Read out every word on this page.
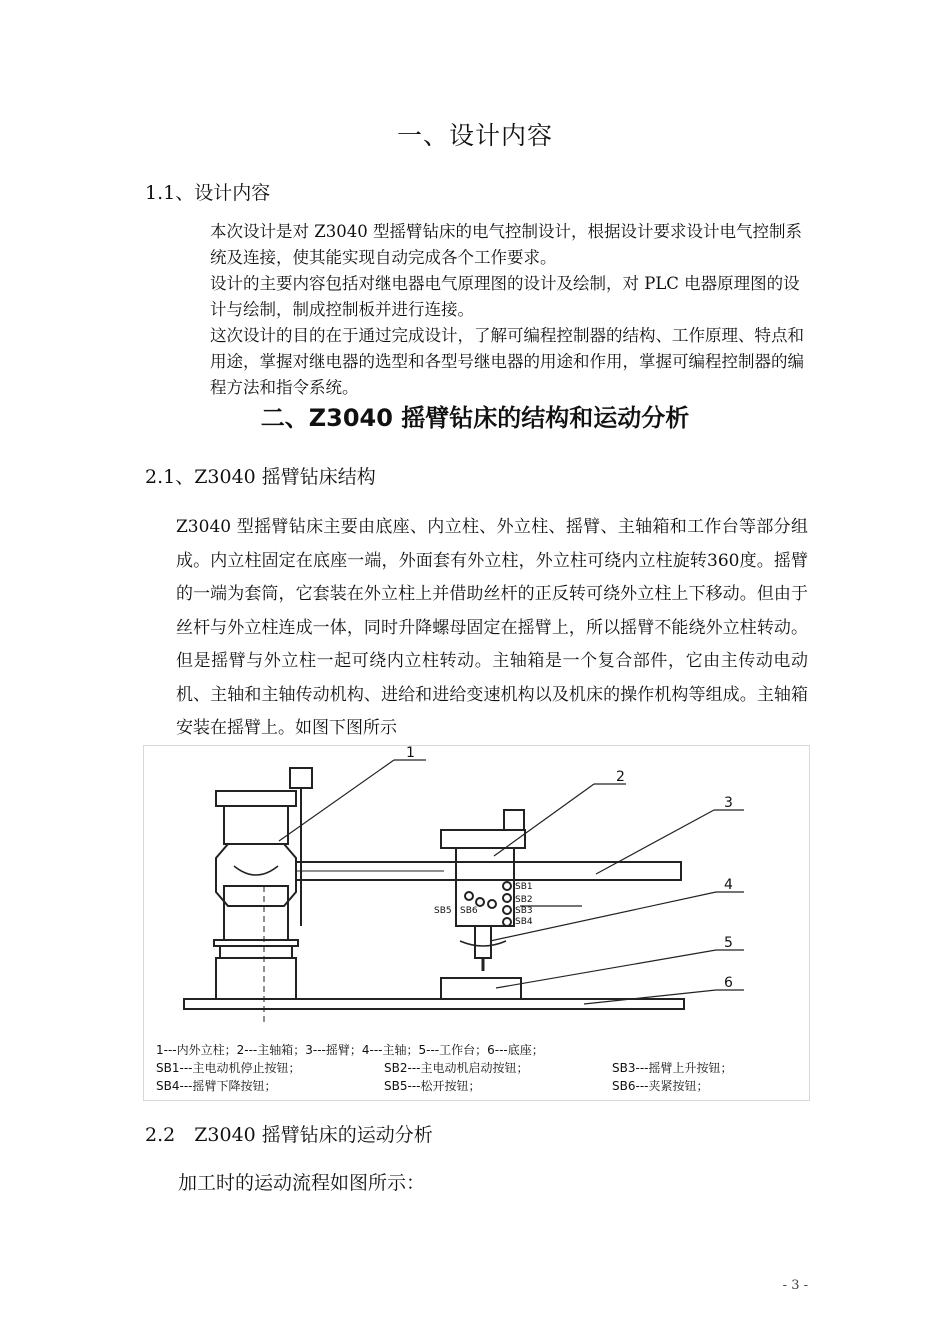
一、设计内容
1.1、设计内容
本次设计是对 Z3040 型摇臂钻床的电气控制设计，根据设计要求设计电气控制系统及连接，使其能实现自动完成各个工作要求。
设计的主要内容包括对继电器电气原理图的设计及绘制，对 PLC 电器原理图的设计与绘制，制成控制板并进行连接。
这次设计的目的在于通过完成设计，了解可编程控制器的结构、工作原理、特点和用途，掌握对继电器的选型和各型号继电器的用途和作用，掌握可编程控制器的编程方法和指令系统。
二、Z3040 摇臂钻床的结构和运动分析
2.1、Z3040 摇臂钻床结构
Z3040 型摇臂钻床主要由底座、内立柱、外立柱、摇臂、主轴箱和工作台等部分组成。内立柱固定在底座一端，外面套有外立柱，外立柱可绕内立柱旋转360度。摇臂的一端为套筒，它套装在外立柱上并借助丝杆的正反转可绕外立柱上下移动。但由于丝杆与外立柱连成一体，同时升降螺母固定在摇臂上，所以摇臂不能绕外立柱转动。但是摇臂与外立柱一起可绕内立柱转动。主轴箱是一个复合部件，它由主传动电动机、主轴和主轴传动机构、进给和进给变速机构以及机床的操作机构等组成。主轴箱安装在摇臂上。如图下图所示
1
2
3
4
5
6
SB1
SB2
SB3
SB4
SB5 SB6
1---内外立柱；2---主轴箱；3---摇臂；4---主轴；5---工作台；6---底座；
SB1---主电动机停止按钮；	SB2---主电动机启动按钮；	SB3---摇臂上升按钮；
SB4---摇臂下降按钮；	SB5---松开按钮；	SB6---夹紧按钮；
2.2　Z3040 摇臂钻床的运动分析
加工时的运动流程如图所示：
- 3 -
